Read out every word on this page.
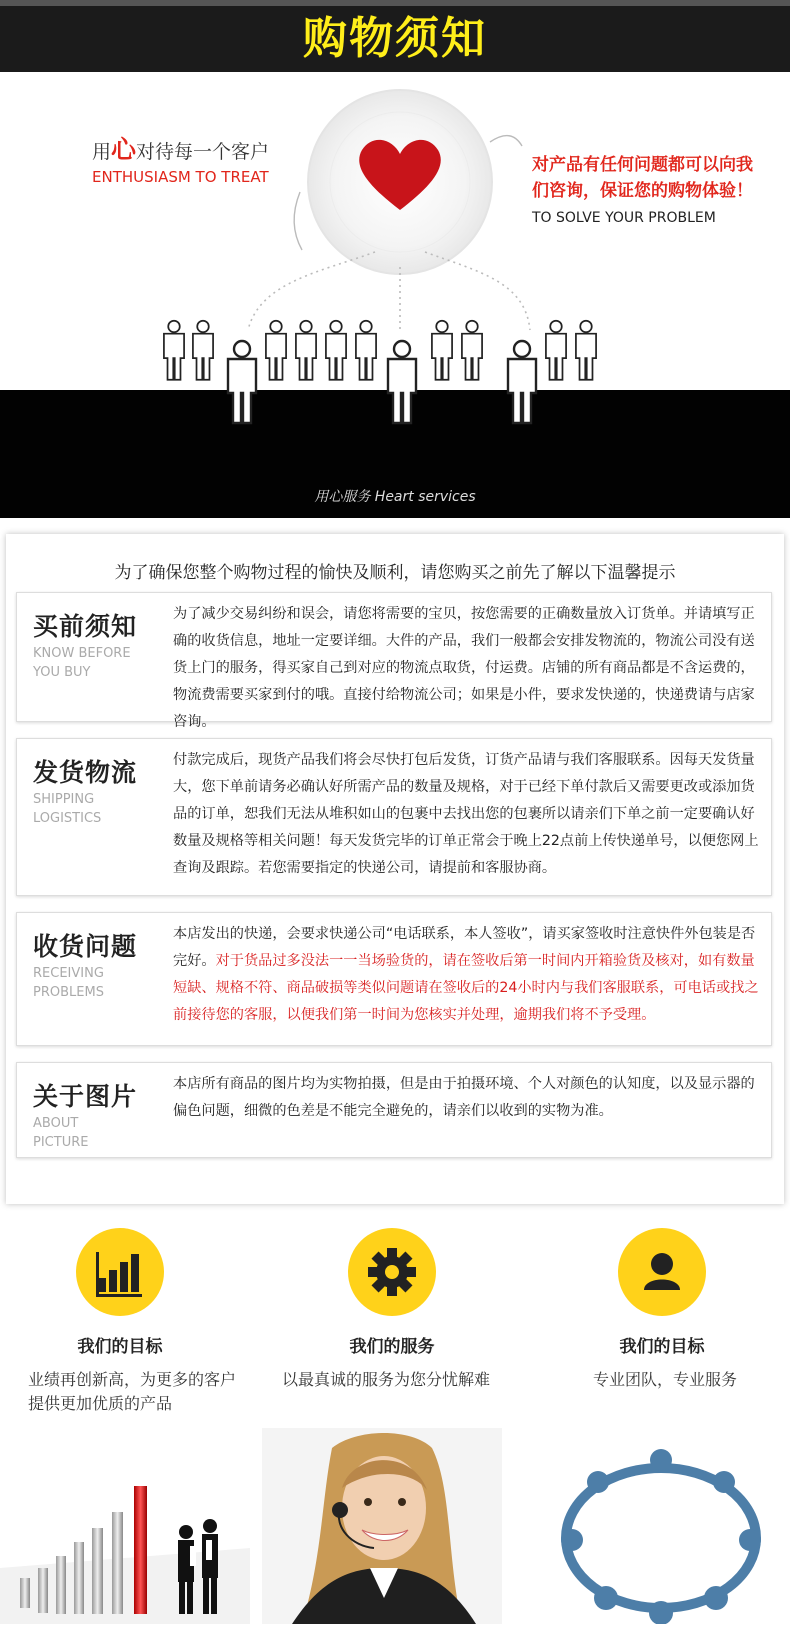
购物须知
用心对待每一个客户
ENTHUSIASM TO TREAT
对产品有任何问题都可以向我们咨询，保证您的购物体验！
TO SOLVE YOUR PROBLEM
用心服务 Heart services
为了确保您整个购物过程的愉快及顺利，请您购买之前先了解以下温馨提示
买前须知
KNOW BEFORE
YOU BUY
为了减少交易纠纷和误会，请您将需要的宝贝，按您需要的正确数量放入订货单。并请填写正确的收货信息，地址一定要详细。大件的产品，我们一般都会安排发物流的，物流公司没有送货上门的服务，得买家自己到对应的物流点取货，付运费。店铺的所有商品都是不含运费的，物流费需要买家到付的哦。直接付给物流公司；如果是小件，要求发快递的，快递费请与店家咨询。
发货物流
SHIPPING
LOGISTICS
付款完成后，现货产品我们将会尽快打包后发货，订货产品请与我们客服联系。因每天发货量大，您下单前请务必确认好所需产品的数量及规格，对于已经下单付款后又需要更改或添加货品的订单，恕我们无法从堆积如山的包裹中去找出您的包裹所以请亲们下单之前一定要确认好数量及规格等相关问题！每天发货完毕的订单正常会于晚上22点前上传快递单号，以便您网上查询及跟踪。若您需要指定的快递公司，请提前和客服协商。
收货问题
RECEIVING
PROBLEMS
本店发出的快递，会要求快递公司“电话联系，本人签收”，请买家签收时注意快件外包装是否完好。对于货品过多没法一一当场验货的，请在签收后第一时间内开箱验货及核对，如有数量短缺、规格不符、商品破损等类似问题请在签收后的24小时内与我们客服联系，可电话或找之前接待您的客服，以便我们第一时间为您核实并处理，逾期我们将不予受理。
关于图片
ABOUT
PICTURE
本店所有商品的图片均为实物拍摄，但是由于拍摄环境、个人对颜色的认知度，以及显示器的偏色问题，细微的色差是不能完全避免的，请亲们以收到的实物为准。
我们的目标
业绩再创新高，为更多的客户提供更加优质的产品
我们的服务
以最真诚的服务为您分忧解难
我们的目标
专业团队，专业服务
